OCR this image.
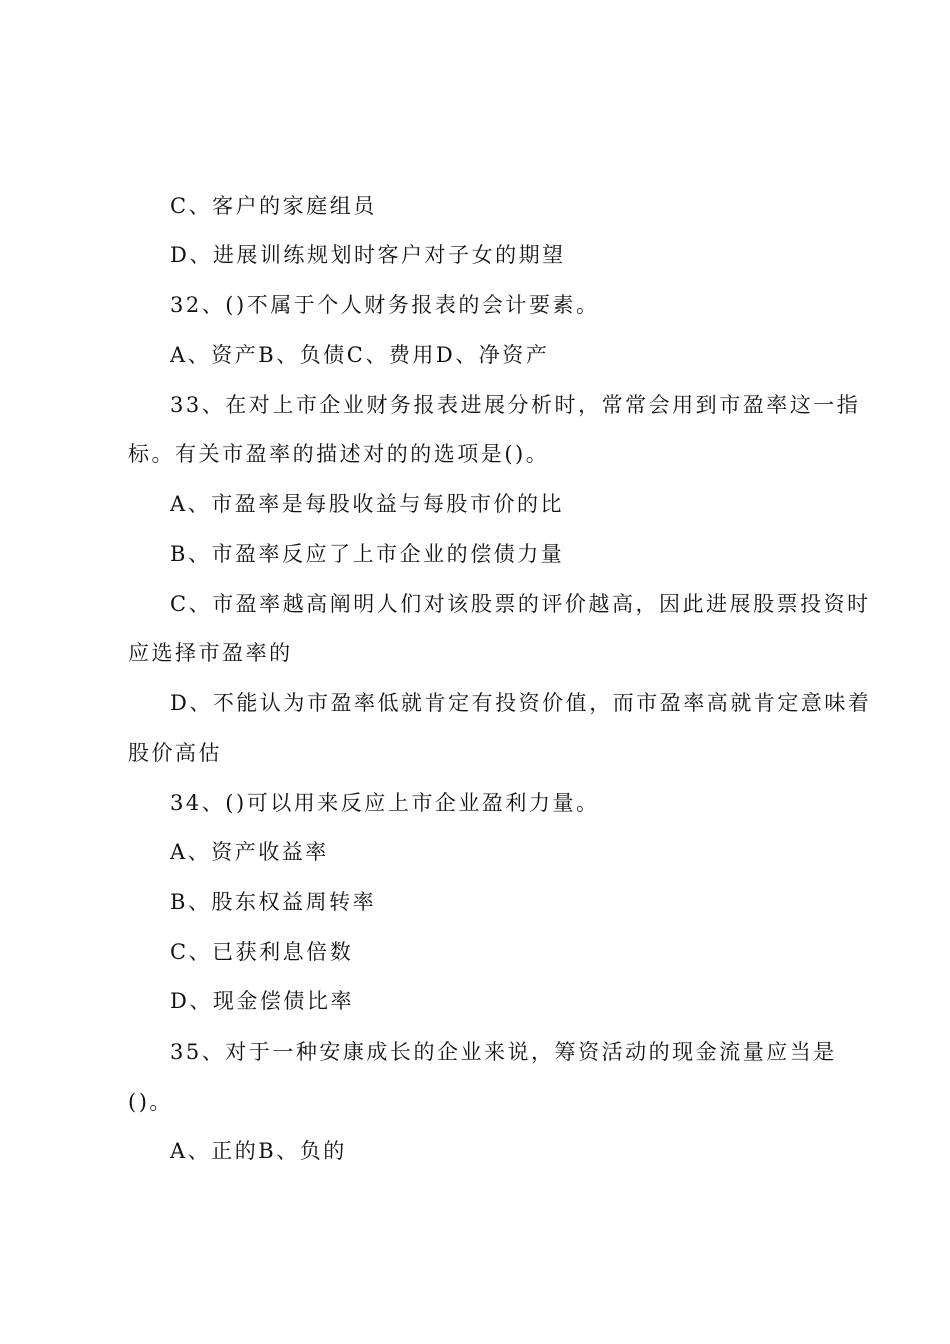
C、客户的家庭组员
D、进展训练规划时客户对子女的期望
32、()不属于个人财务报表的会计要素。
A、资产B、负债C、费用D、净资产
33、在对上市企业财务报表进展分析时，常常会用到市盈率这一指
标。有关市盈率的描述对的的选项是()。
A、市盈率是每股收益与每股市价的比
B、市盈率反应了上市企业的偿债力量
C、市盈率越高阐明人们对该股票的评价越高，因此进展股票投资时
应选择市盈率的
D、不能认为市盈率低就肯定有投资价值，而市盈率高就肯定意味着
股价高估
34、()可以用来反应上市企业盈利力量。
A、资产收益率
B、股东权益周转率
C、已获利息倍数
D、现金偿债比率
35、对于一种安康成长的企业来说，筹资活动的现金流量应当是
()。
A、正的B、负的
